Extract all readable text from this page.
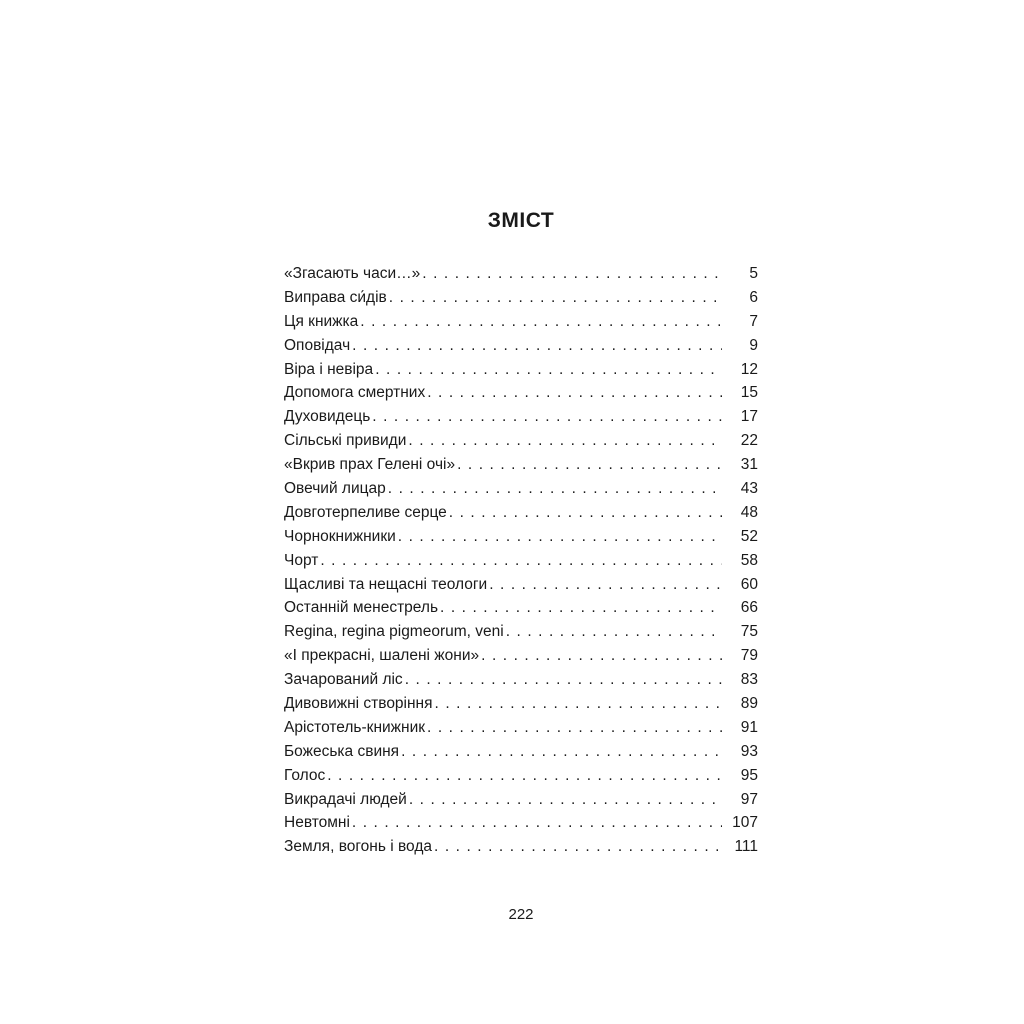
ЗМІСТ
«Згасають часи…» . . .	5
Виправа си́дів . . .	6
Ця книжка . . .	7
Оповідач . . .	9
Віра і невіра . . .	12
Допомога смертних . . .	15
Духовидець . . .	17
Сільські привиди . . .	22
«Вкрив прах Гелені очі» . . .	31
Овечий лицар . . .	43
Довготерпеливе серце . . .	48
Чорнокнижники . . .	52
Чорт . . .	58
Щасливі та нещасні теологи . . .	60
Останній менестрель . . .	66
Regina, regina pigmeorum, veni . . .	75
«І прекрасні, шалені жони» . . .	79
Зачарований ліс . . .	83
Дивовижні створіння . . .	89
Арістотель-книжник . . .	91
Божеська свиня . . .	93
Голос . . .	95
Викрадачі людей . . .	97
Невтомні . . .	107
Земля, вогонь і вода . . .	111
222
